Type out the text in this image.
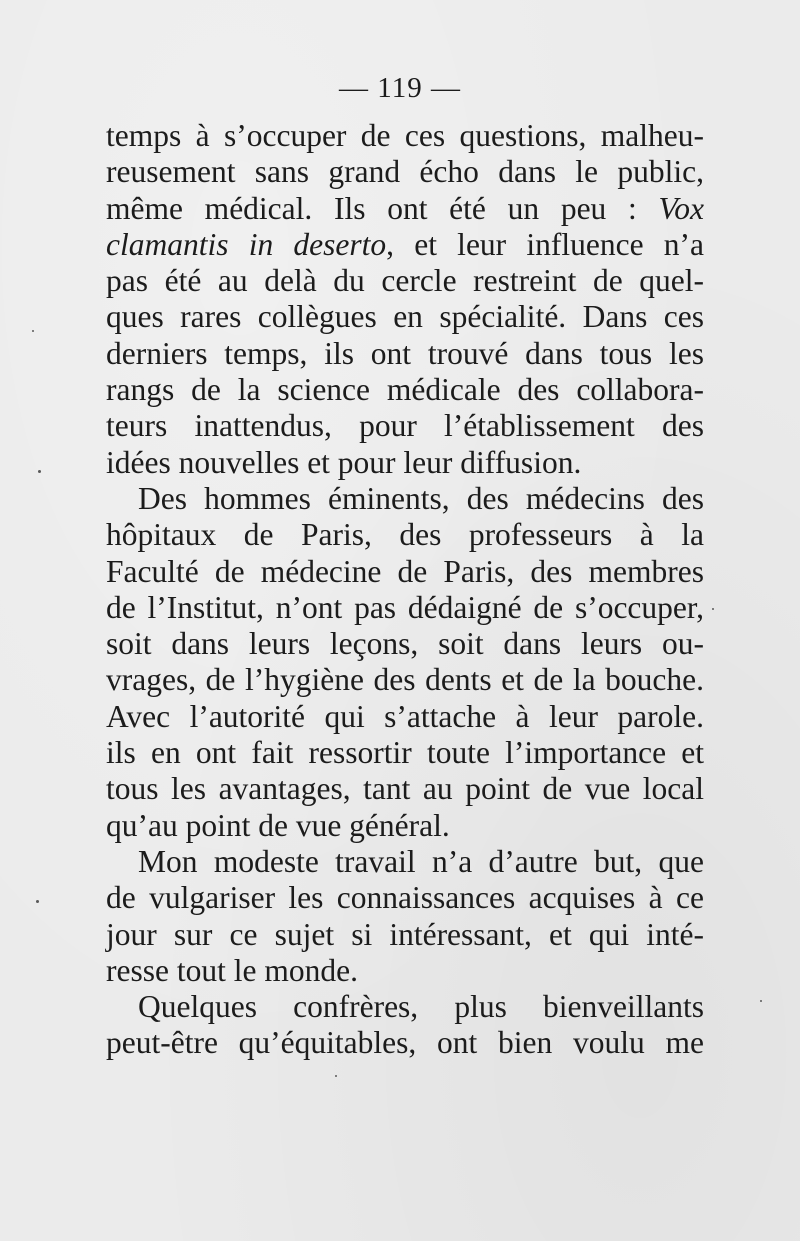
— 119 —
temps à s’occuper de ces questions, malheu-
reusement sans grand écho dans le public,
même médical. Ils ont été un peu : Vox
clamantis in deserto, et leur influence n’a
pas été au delà du cercle restreint de quel-
ques rares collègues en spécialité. Dans ces
derniers temps, ils ont trouvé dans tous les
rangs de la science médicale des collabora-
teurs inattendus, pour l’établissement des
idées nouvelles et pour leur diffusion.
Des hommes éminents, des médecins des
hôpitaux de Paris, des professeurs à la
Faculté de médecine de Paris, des membres
de l’Institut, n’ont pas dédaigné de s’occuper,
soit dans leurs leçons, soit dans leurs ou-
vrages, de l’hygiène des dents et de la bouche.
Avec l’autorité qui s’attache à leur parole.
ils en ont fait ressortir toute l’importance et
tous les avantages, tant au point de vue local
qu’au point de vue général.
Mon modeste travail n’a d’autre but, que
de vulgariser les connaissances acquises à ce
jour sur ce sujet si intéressant, et qui inté-
resse tout le monde.
Quelques confrères, plus bienveillants
peut-être qu’équitables, ont bien voulu me
